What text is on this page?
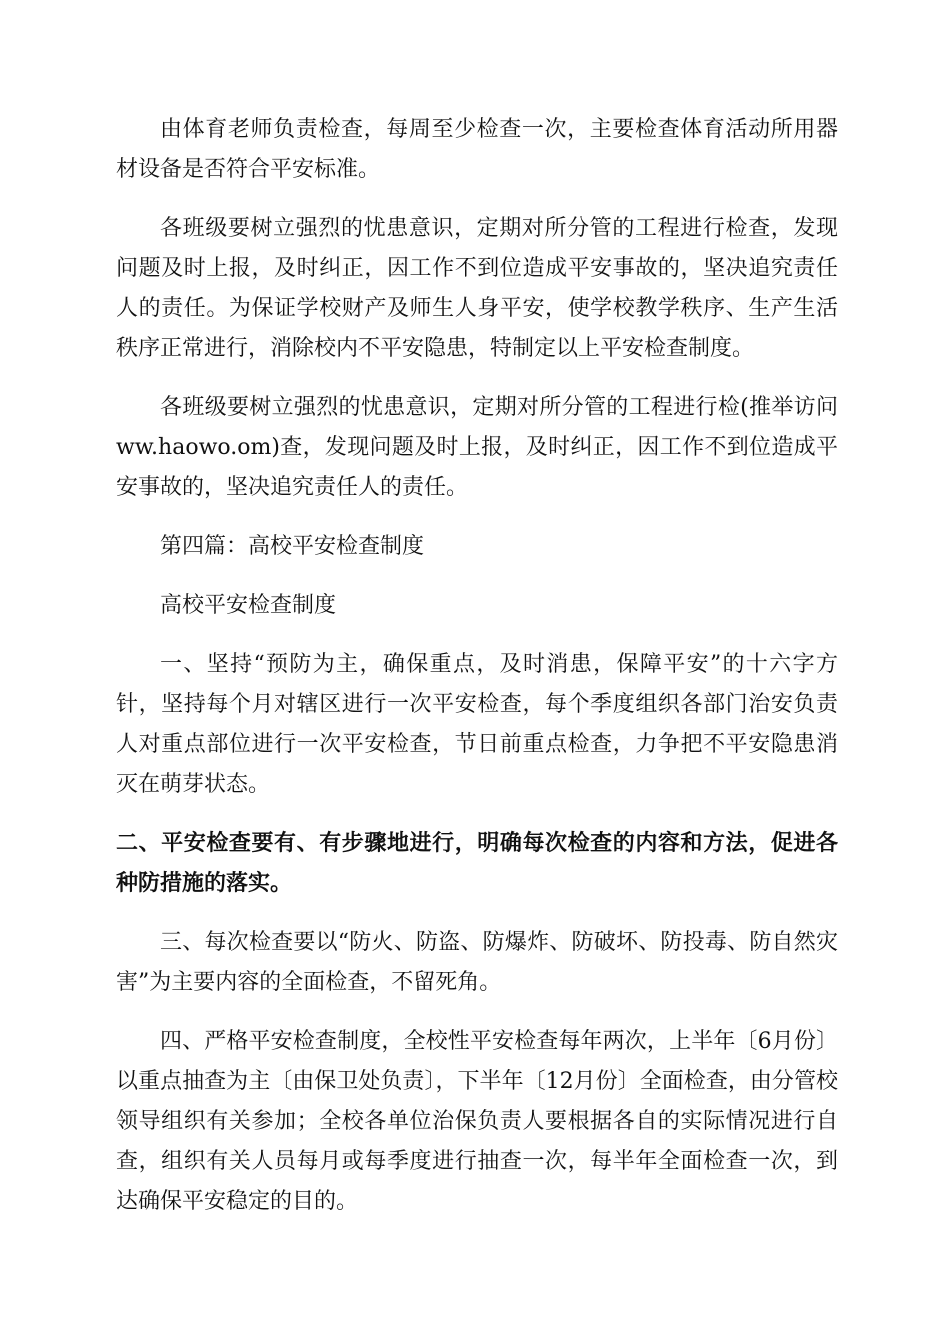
由体育老师负责检查，每周至少检查一次，主要检查体育活动所用器材设备是否符合平安标准。

各班级要树立强烈的忧患意识，定期对所分管的工程进行检查，发现问题及时上报，及时纠正，因工作不到位造成平安事故的，坚决追究责任人的责任。为保证学校财产及师生人身平安，使学校教学秩序、生产生活秩序正常进行，消除校内不平安隐患，特制定以上平安检查制度。

各班级要树立强烈的忧患意识，定期对所分管的工程进行检(推举访问ww.haowo.om)查，发现问题及时上报，及时纠正，因工作不到位造成平安事故的，坚决追究责任人的责任。

第四篇：高校平安检查制度

高校平安检查制度

一、坚持“预防为主，确保重点，及时消患，保障平安”的十六字方针，坚持每个月对辖区进行一次平安检查，每个季度组织各部门治安负责人对重点部位进行一次平安检查，节日前重点检查，力争把不平安隐患消灭在萌芽状态。

二、平安检查要有、有步骤地进行，明确每次检查的内容和方法，促进各种防措施的落实。

三、每次检查要以“防火、防盗、防爆炸、防破坏、防投毒、防自然灾害”为主要内容的全面检查，不留死角。

四、严格平安检查制度，全校性平安检查每年两次，上半年〔6月份〕以重点抽查为主〔由保卫处负责〕，下半年〔12月份〕全面检查，由分管校领导组织有关参加；全校各单位治保负责人要根据各自的实际情况进行自查，组织有关人员每月或每季度进行抽查一次，每半年全面检查一次，到达确保平安稳定的目的。
